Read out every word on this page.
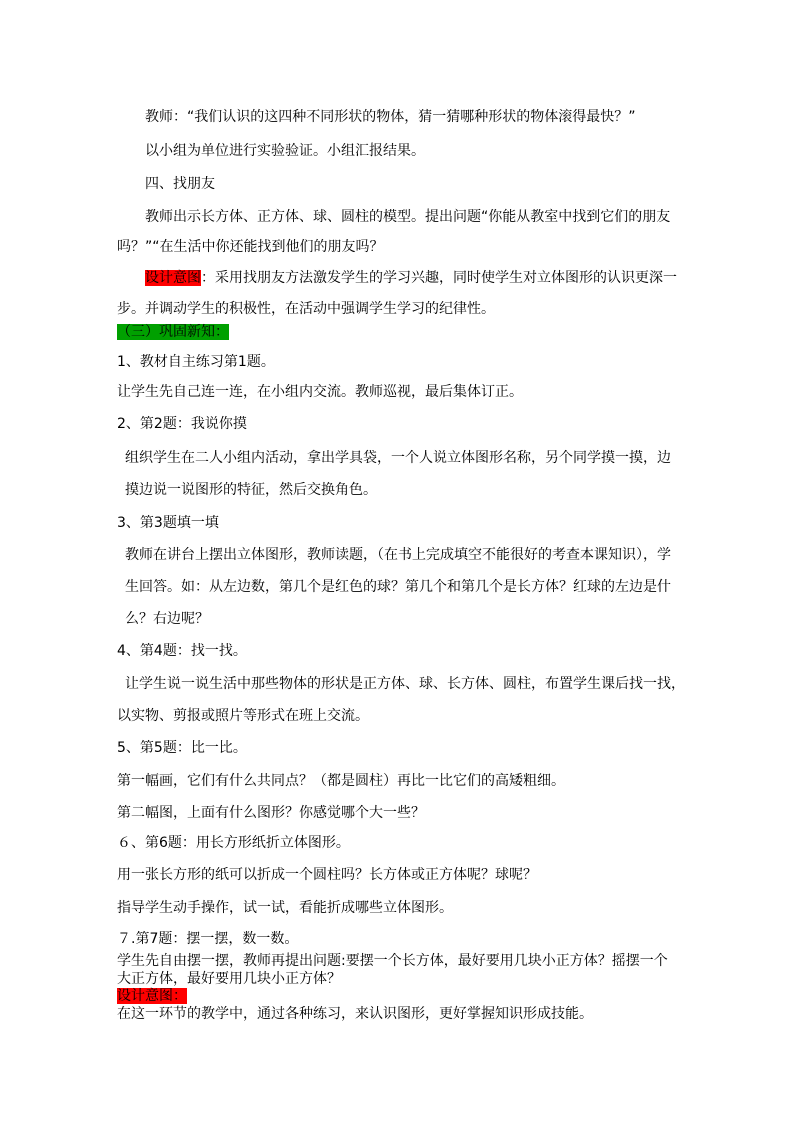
教师：“我们认识的这四种不同形状的物体，猜一猜哪种形状的物体滚得最快？”
以小组为单位进行实验验证。小组汇报结果。
四、找朋友
教师出示长方体、正方体、球、圆柱的模型。提出问题“你能从教室中找到它们的朋友
吗？”“在生活中你还能找到他们的朋友吗？
设计意图：采用找朋友方法激发学生的学习兴趣，同时使学生对立体图形的认识更深一
步。并调动学生的积极性，在活动中强调学生学习的纪律性。
（三）巩固新知：
1、教材自主练习第1题。
让学生先自己连一连，在小组内交流。教师巡视，最后集体订正。
2、第2题：我说你摸
组织学生在二人小组内活动，拿出学具袋，一个人说立体图形名称，另个同学摸一摸，边
摸边说一说图形的特征，然后交换角色。
3、第3题填一填
教师在讲台上摆出立体图形，教师读题，（在书上完成填空不能很好的考查本课知识），学
生回答。如：从左边数，第几个是红色的球？第几个和第几个是长方体？红球的左边是什
么？右边呢？
4、第4题：找一找。
让学生说一说生活中那些物体的形状是正方体、球、长方体、圆柱，布置学生课后找一找，
以实物、剪报或照片等形式在班上交流。
5、第5题：比一比。
第一幅画，它们有什么共同点？（都是圆柱）再比一比它们的高矮粗细。
第二幅图，上面有什么图形？你感觉哪个大一些？
６、第6题：用长方形纸折立体图形。
用一张长方形的纸可以折成一个圆柱吗？长方体或正方体呢？球呢？
指导学生动手操作，试一试，看能折成哪些立体图形。
７.第7题：摆一摆，数一数。
学生先自由摆一摆，教师再提出问题:要摆一个长方体，最好要用几块小正方体？摇摆一个
大正方体，最好要用几块小正方体？
设计意图：
在这一环节的教学中，通过各种练习，来认识图形，更好掌握知识形成技能。
